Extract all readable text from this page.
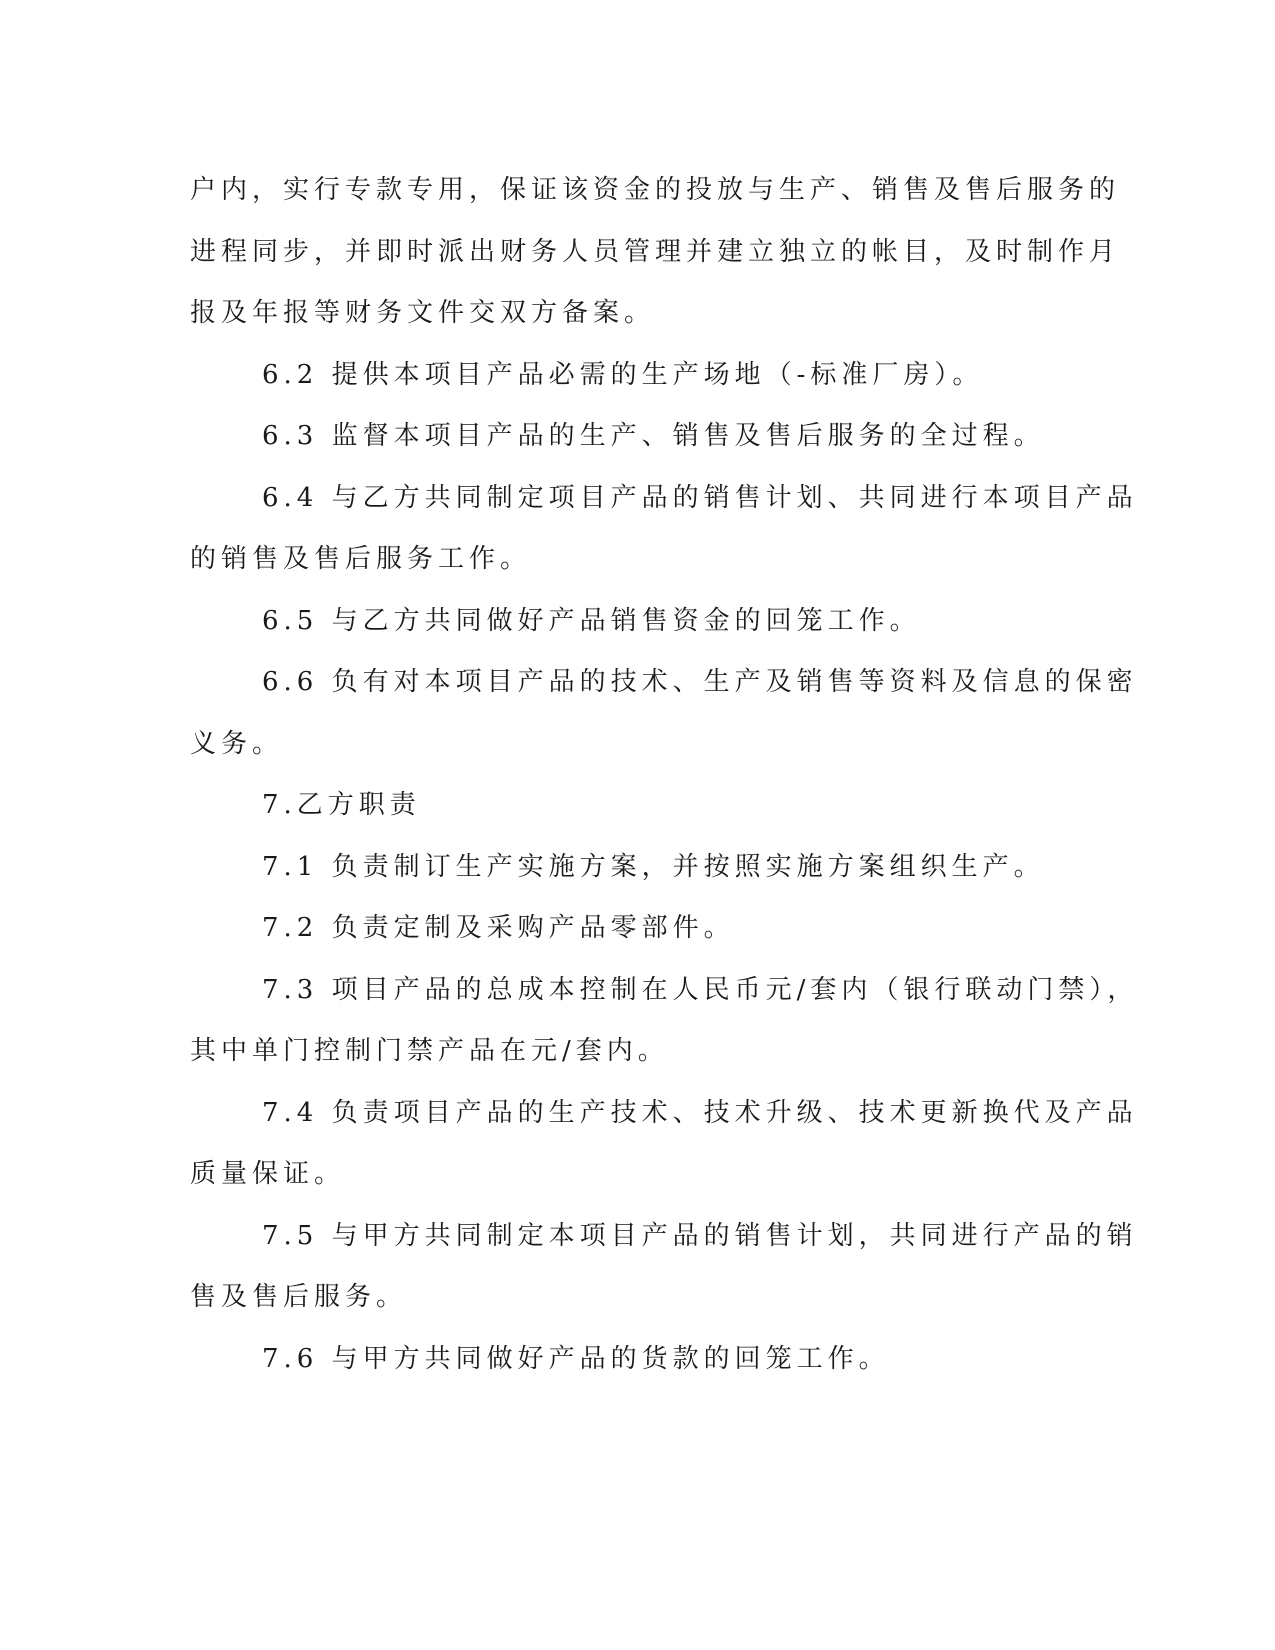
户内，实行专款专用，保证该资金的投放与生产、销售及售后服务的
进程同步，并即时派出财务人员管理并建立独立的帐目，及时制作月
报及年报等财务文件交双方备案。
6.2 提供本项目产品必需的生产场地（-标准厂房）。
6.3 监督本项目产品的生产、销售及售后服务的全过程。
6.4 与乙方共同制定项目产品的销售计划、共同进行本项目产品
的销售及售后服务工作。
6.5 与乙方共同做好产品销售资金的回笼工作。
6.6 负有对本项目产品的技术、生产及销售等资料及信息的保密
义务。
7.乙方职责
7.1 负责制订生产实施方案，并按照实施方案组织生产。
7.2 负责定制及采购产品零部件。
7.3 项目产品的总成本控制在人民币元/套内（银行联动门禁），
其中单门控制门禁产品在元/套内。
7.4 负责项目产品的生产技术、技术升级、技术更新换代及产品
质量保证。
7.5 与甲方共同制定本项目产品的销售计划，共同进行产品的销
售及售后服务。
7.6 与甲方共同做好产品的货款的回笼工作。
